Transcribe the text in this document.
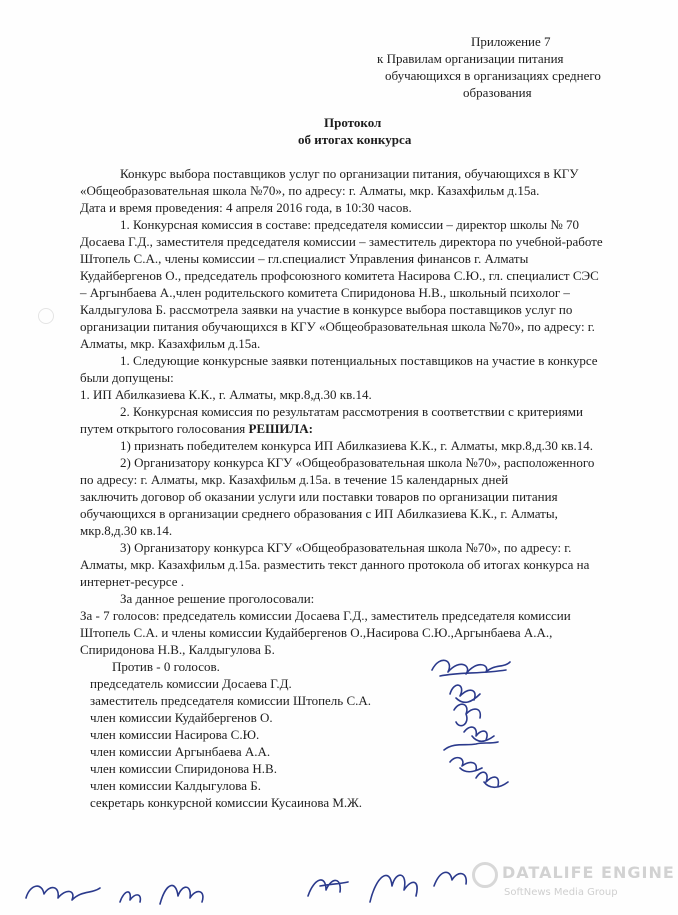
Приложение 7
к Правилам организации питания
обучающихся в организациях среднего
образования
Протокол
об итогах конкурса
Конкурс выбора поставщиков услуг по организации питания, обучающихся в КГУ
«Общеобразовательная школа №70», по адресу: г. Алматы, мкр. Казахфильм д.15а.
Дата и время проведения: 4 апреля 2016 года, в 10:30 часов.
1. Конкурсная комиссия в составе: председателя комиссии – директор школы № 70
Досаева Г.Д., заместителя председателя комиссии – заместитель директора по учебной-работе
Штопель С.А., члены комиссии – гл.специалист Управления финансов г. Алматы
Кудайбергенов О., председатель профсоюзного комитета Насирова С.Ю., гл. специалист СЭС
– Аргынбаева А.,член родительского комитета Спиридонова Н.В., школьный психолог –
Калдыгулова Б. рассмотрела заявки на участие в конкурсе выбора поставщиков услуг по
организации питания обучающихся в КГУ «Общеобразовательная школа №70», по адресу: г.
Алматы, мкр. Казахфильм д.15а.
1. Следующие конкурсные заявки потенциальных поставщиков на участие в конкурсе
были допущены:
1. ИП Абилказиева К.К., г. Алматы, мкр.8,д.30 кв.14.
2. Конкурсная комиссия по результатам рассмотрения в соответствии с критериями
путем открытого голосования РЕШИЛА:
1) признать победителем конкурса ИП Абилказиева К.К., г. Алматы, мкр.8,д.30 кв.14.
2) Организатору конкурса КГУ «Общеобразовательная школа №70», расположенного
по адресу: г. Алматы, мкр. Казахфильм д.15а. в течение 15 календарных дней
заключить договор об оказании услуги или поставки товаров по организации питания
обучающихся в организации среднего образования с ИП Абилказиева К.К., г. Алматы,
мкр.8,д.30 кв.14.
3) Организатору конкурса КГУ «Общеобразовательная школа №70», по адресу: г.
Алматы, мкр. Казахфильм д.15а. разместить текст данного протокола об итогах конкурса на
интернет-ресурсе .
За данное решение проголосовали:
За - 7 голосов: председатель комиссии Досаева Г.Д., заместитель председателя комиссии
Штопель С.А. и члены комиссии Кудайбергенов О.,Насирова С.Ю.,Аргынбаева А.А.,
Спиридонова Н.В., Калдыгулова Б.
Против - 0 голосов.
председатель комиссии Досаева Г.Д.
заместитель председателя комиссии Штопель С.А.
член комиссии Кудайбергенов О.
член комиссии Насирова С.Ю.
член комиссии Аргынбаева А.А.
член комиссии Спиридонова Н.В.
член комиссии Калдыгулова Б.
секретарь конкурсной комиссии Кусаинова М.Ж.
DATALIFE ENGINE
SoftNews Media Group
